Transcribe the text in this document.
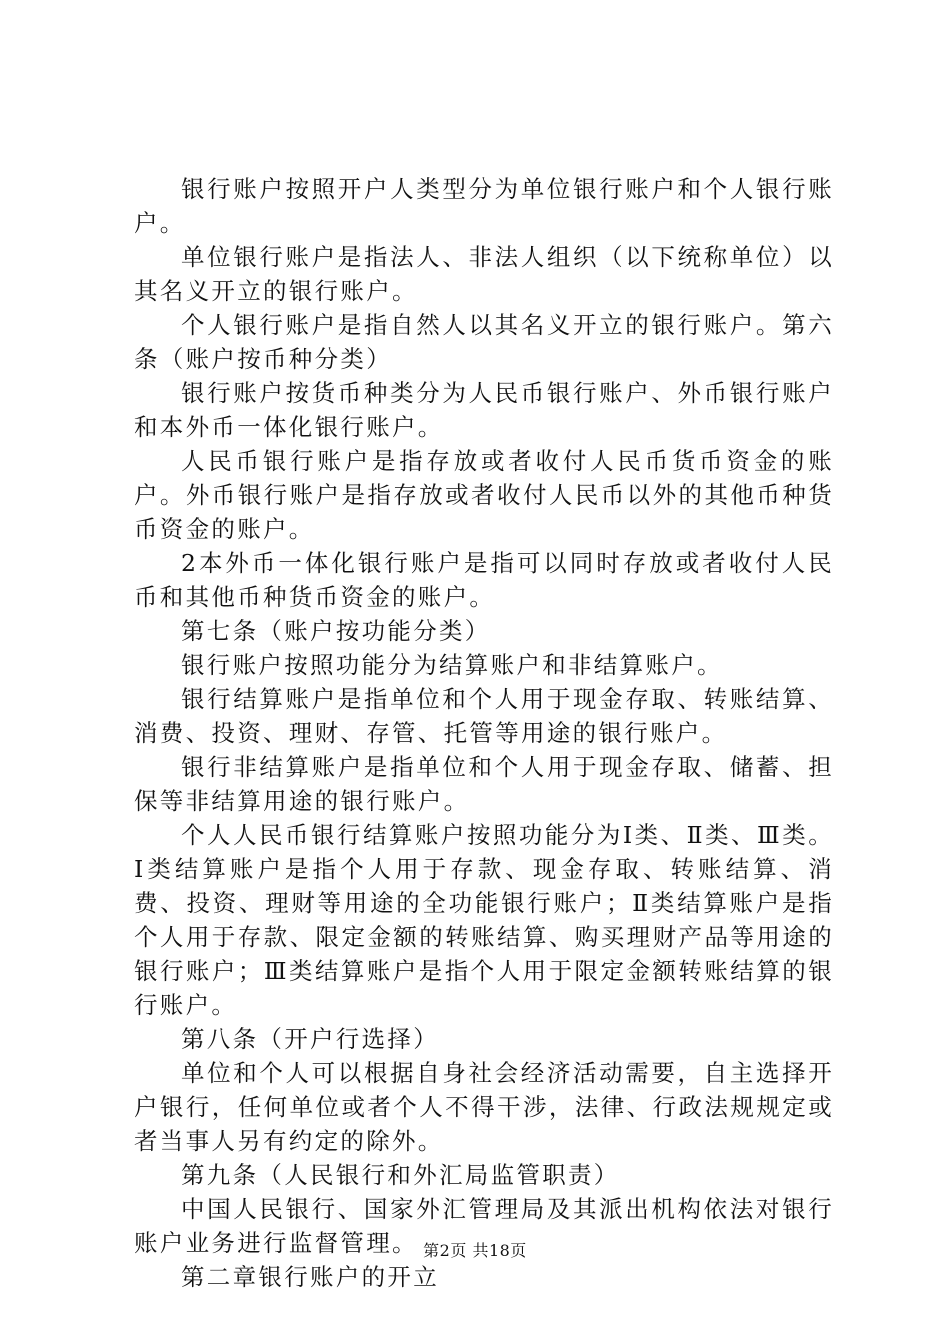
银行账户按照开户人类型分为单位银行账户和个人银行账户。

单位银行账户是指法人、非法人组织（以下统称单位）以其名义开立的银行账户。

个人银行账户是指自然人以其名义开立的银行账户。第六条（账户按币种分类）

银行账户按货币种类分为人民币银行账户、外币银行账户和本外币一体化银行账户。

人民币银行账户是指存放或者收付人民币货币资金的账户。外币银行账户是指存放或者收付人民币以外的其他币种货币资金的账户。

2本外币一体化银行账户是指可以同时存放或者收付人民币和其他币种货币资金的账户。

第七条（账户按功能分类）

银行账户按照功能分为结算账户和非结算账户。

银行结算账户是指单位和个人用于现金存取、转账结算、消费、投资、理财、存管、托管等用途的银行账户。

银行非结算账户是指单位和个人用于现金存取、储蓄、担保等非结算用途的银行账户。

个人人民币银行结算账户按照功能分为Ⅰ类、Ⅱ类、Ⅲ类。Ⅰ类结算账户是指个人用于存款、现金存取、转账结算、消费、投资、理财等用途的全功能银行账户；Ⅱ类结算账户是指个人用于存款、限定金额的转账结算、购买理财产品等用途的银行账户；Ⅲ类结算账户是指个人用于限定金额转账结算的银行账户。

第八条（开户行选择）

单位和个人可以根据自身社会经济活动需要，自主选择开户银行，任何单位或者个人不得干涉，法律、行政法规规定或者当事人另有约定的除外。

第九条（人民银行和外汇局监管职责）

中国人民银行、国家外汇管理局及其派出机构依法对银行账户业务进行监督管理。

第二章银行账户的开立

第2页 共18页
